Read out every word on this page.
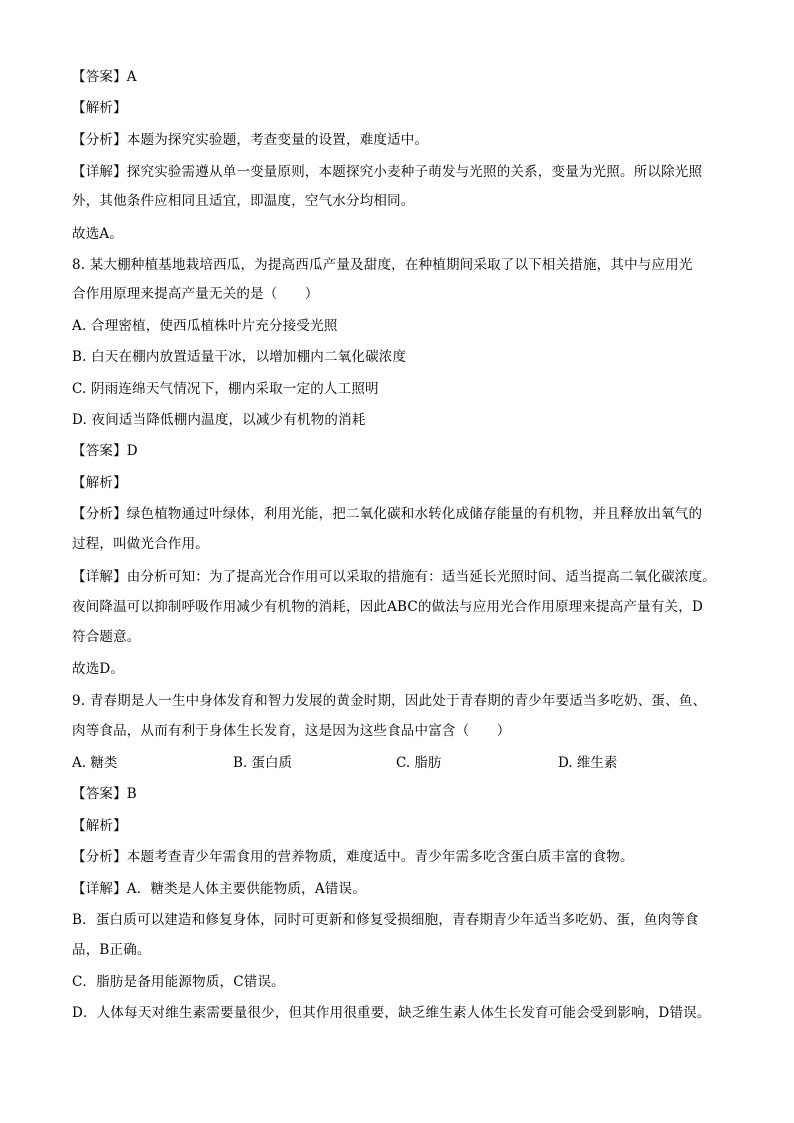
【答案】A
【解析】
【分析】本题为探究实验题，考查变量的设置，难度适中。
【详解】探究实验需遵从单一变量原则，本题探究小麦种子萌发与光照的关系，变量为光照。所以除光照
外，其他条件应相同且适宜，即温度，空气水分均相同。
故选A。
8. 某大棚种植基地栽培西瓜，为提高西瓜产量及甜度，在种植期间采取了以下相关措施，其中与应用光
合作用原理来提高产量无关的是（　　）
A. 合理密植，使西瓜植株叶片充分接受光照
B. 白天在棚内放置适量干冰，以增加棚内二氧化碳浓度
C. 阴雨连绵天气情况下，棚内采取一定的人工照明
D. 夜间适当降低棚内温度，以减少有机物的消耗
【答案】D
【解析】
【分析】绿色植物通过叶绿体，利用光能，把二氧化碳和水转化成储存能量的有机物，并且释放出氧气的
过程，叫做光合作用。
【详解】由分析可知：为了提高光合作用可以采取的措施有：适当延长光照时间、适当提高二氧化碳浓度。
夜间降温可以抑制呼吸作用减少有机物的消耗，因此ABC的做法与应用光合作用原理来提高产量有关，D
符合题意。
故选D。
9. 青春期是人一生中身体发育和智力发展的黄金时期，因此处于青春期的青少年要适当多吃奶、蛋、鱼、
肉等食品，从而有利于身体生长发育，这是因为这些食品中富含（　　）
A. 糖类	B. 蛋白质	C. 脂肪	D. 维生素
【答案】B
【解析】
【分析】本题考查青少年需食用的营养物质，难度适中。青少年需多吃含蛋白质丰富的食物。
【详解】A．糖类是人体主要供能物质，A错误。
B．蛋白质可以建造和修复身体，同时可更新和修复受损细胞，青春期青少年适当多吃奶、蛋，鱼肉等食
品，B正确。
C．脂肪是备用能源物质，C错误。
D．人体每天对维生素需要量很少，但其作用很重要，缺乏维生素人体生长发育可能会受到影响，D错误。
